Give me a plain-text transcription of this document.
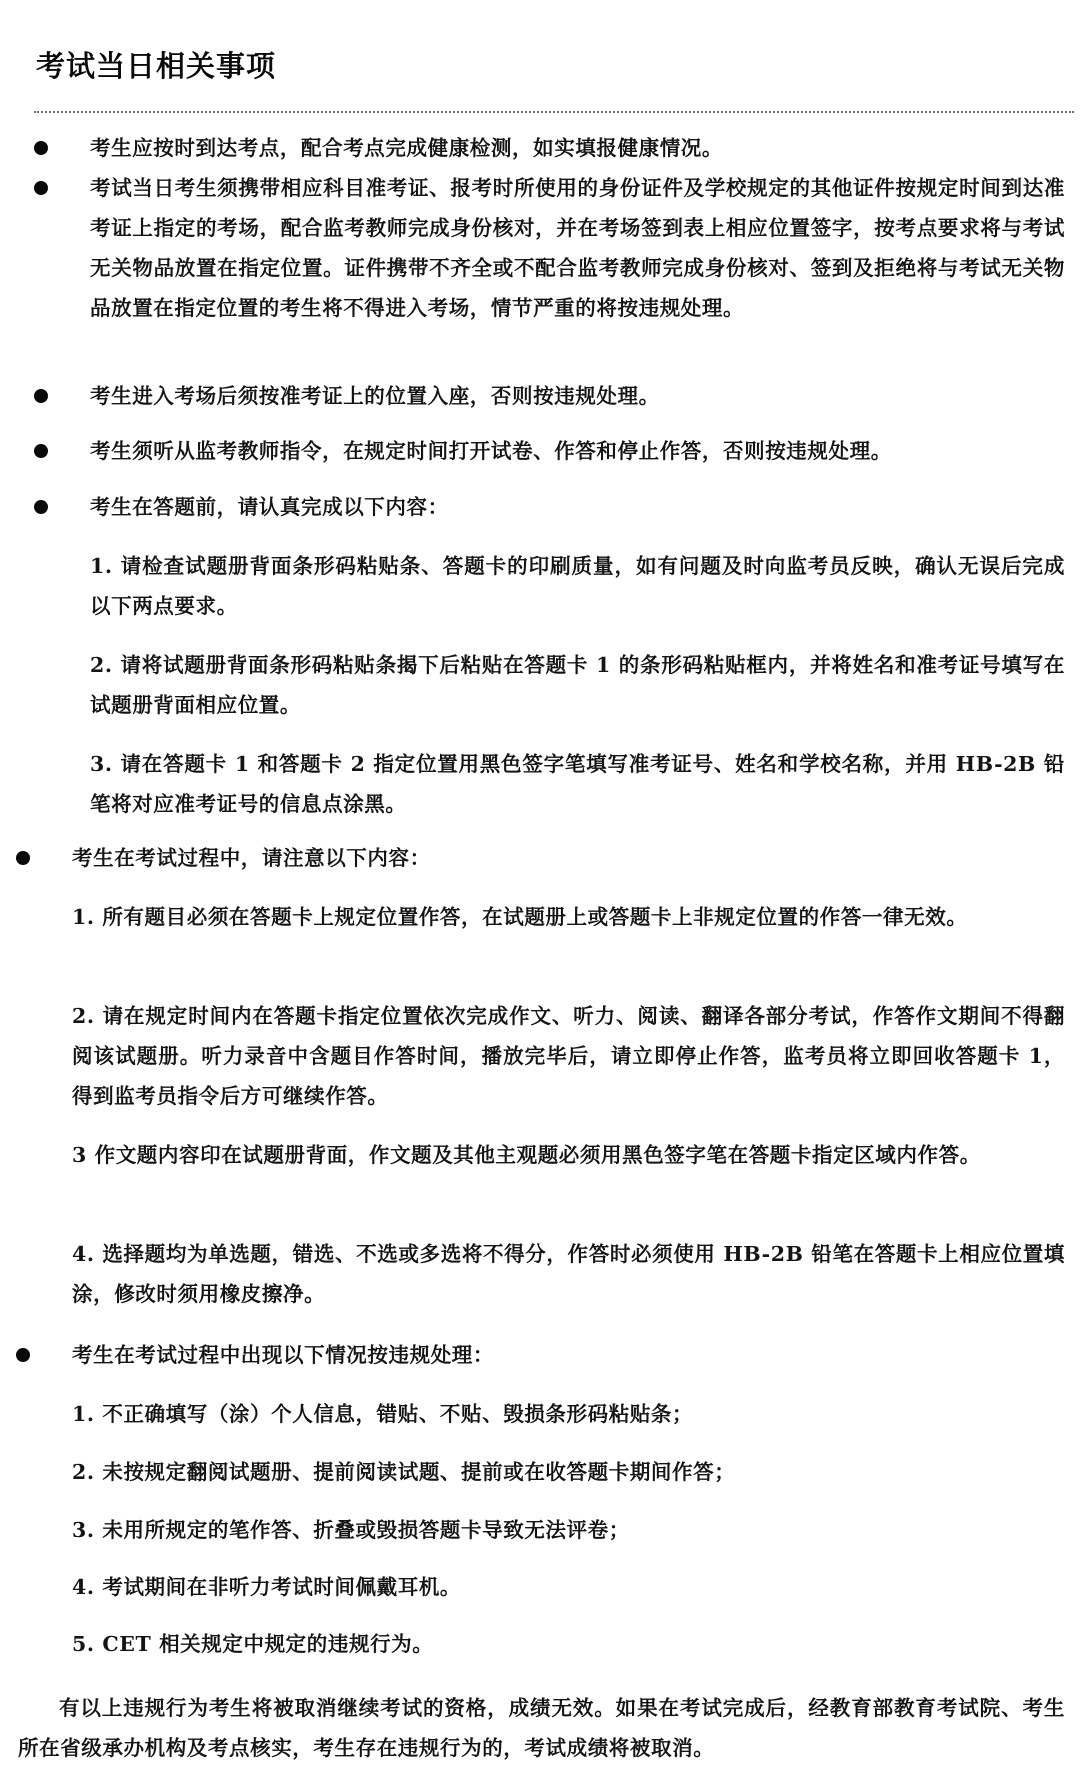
考试当日相关事项

考生应按时到达考点，配合考点完成健康检测，如实填报健康情况。

考试当日考生须携带相应科目准考证、报考时所使用的身份证件及学校规定的其他证件按规定时间到达准考证上指定的考场，配合监考教师完成身份核对，并在考场签到表上相应位置签字，按考点要求将与考试无关物品放置在指定位置。证件携带不齐全或不配合监考教师完成身份核对、签到及拒绝将与考试无关物品放置在指定位置的考生将不得进入考场，情节严重的将按违规处理。

考生进入考场后须按准考证上的位置入座，否则按违规处理。

考生须听从监考教师指令，在规定时间打开试卷、作答和停止作答，否则按违规处理。

考生在答题前，请认真完成以下内容：

1. 请检查试题册背面条形码粘贴条、答题卡的印刷质量，如有问题及时向监考员反映，确认无误后完成以下两点要求。

2. 请将试题册背面条形码粘贴条揭下后粘贴在答题卡 1 的条形码粘贴框内，并将姓名和准考证号填写在试题册背面相应位置。

3. 请在答题卡 1 和答题卡 2 指定位置用黑色签字笔填写准考证号、姓名和学校名称，并用 HB-2B 铅笔将对应准考证号的信息点涂黑。

考生在考试过程中，请注意以下内容：

1. 所有题目必须在答题卡上规定位置作答，在试题册上或答题卡上非规定位置的作答一律无效。

2. 请在规定时间内在答题卡指定位置依次完成作文、听力、阅读、翻译各部分考试，作答作文期间不得翻阅该试题册。听力录音中含题目作答时间，播放完毕后，请立即停止作答，监考员将立即回收答题卡 1，得到监考员指令后方可继续作答。

3 作文题内容印在试题册背面，作文题及其他主观题必须用黑色签字笔在答题卡指定区域内作答。

4. 选择题均为单选题，错选、不选或多选将不得分，作答时必须使用 HB-2B 铅笔在答题卡上相应位置填涂，修改时须用橡皮擦净。

考生在考试过程中出现以下情况按违规处理：

1. 不正确填写（涂）个人信息，错贴、不贴、毁损条形码粘贴条；

2. 未按规定翻阅试题册、提前阅读试题、提前或在收答题卡期间作答；

3. 未用所规定的笔作答、折叠或毁损答题卡导致无法评卷；

4. 考试期间在非听力考试时间佩戴耳机。

5. CET 相关规定中规定的违规行为。

有以上违规行为考生将被取消继续考试的资格，成绩无效。如果在考试完成后，经教育部教育考试院、考生所在省级承办机构及考点核实，考生存在违规行为的，考试成绩将被取消。
